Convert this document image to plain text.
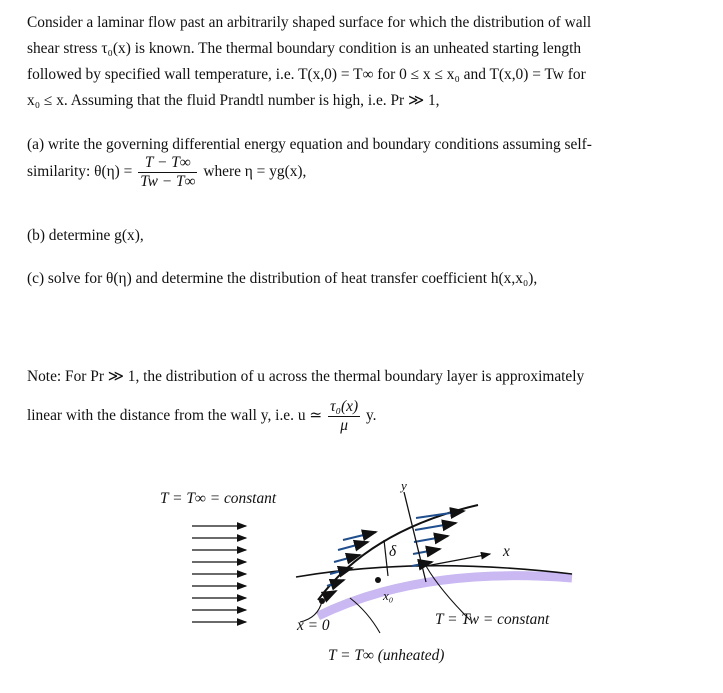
Consider a laminar flow past an arbitrarily shaped surface for which the distribution of wall
shear stress τ₀(x) is known. The thermal boundary condition is an unheated starting length
followed by specified wall temperature, i.e. T(x,0) = T∞ for 0 ≤ x ≤ x₀ and T(x,0) = Tw for
x₀ ≤ x. Assuming that the fluid Prandtl number is high, i.e. Pr ≫ 1,
(a) write the governing differential energy equation and boundary conditions assuming self-
similarity: $\theta(\eta) = \frac{T - T\infty}{Tw - T\infty}$ where η = yg(x),
(b) determine g(x),
(c) solve for θ(η) and determine the distribution of heat transfer coefficient h(x,x₀),
Note: For Pr ≫ 1, the distribution of u across the thermal boundary layer is approximately
linear with the distance from the wall y, i.e. u ≃ $\frac{\text{τ₀(x)}}{\mu} y$.
T = T∞ = constant
y
x
δ
x₀
x = 0	T = Tw = constant
T = T∞ (unheated)
